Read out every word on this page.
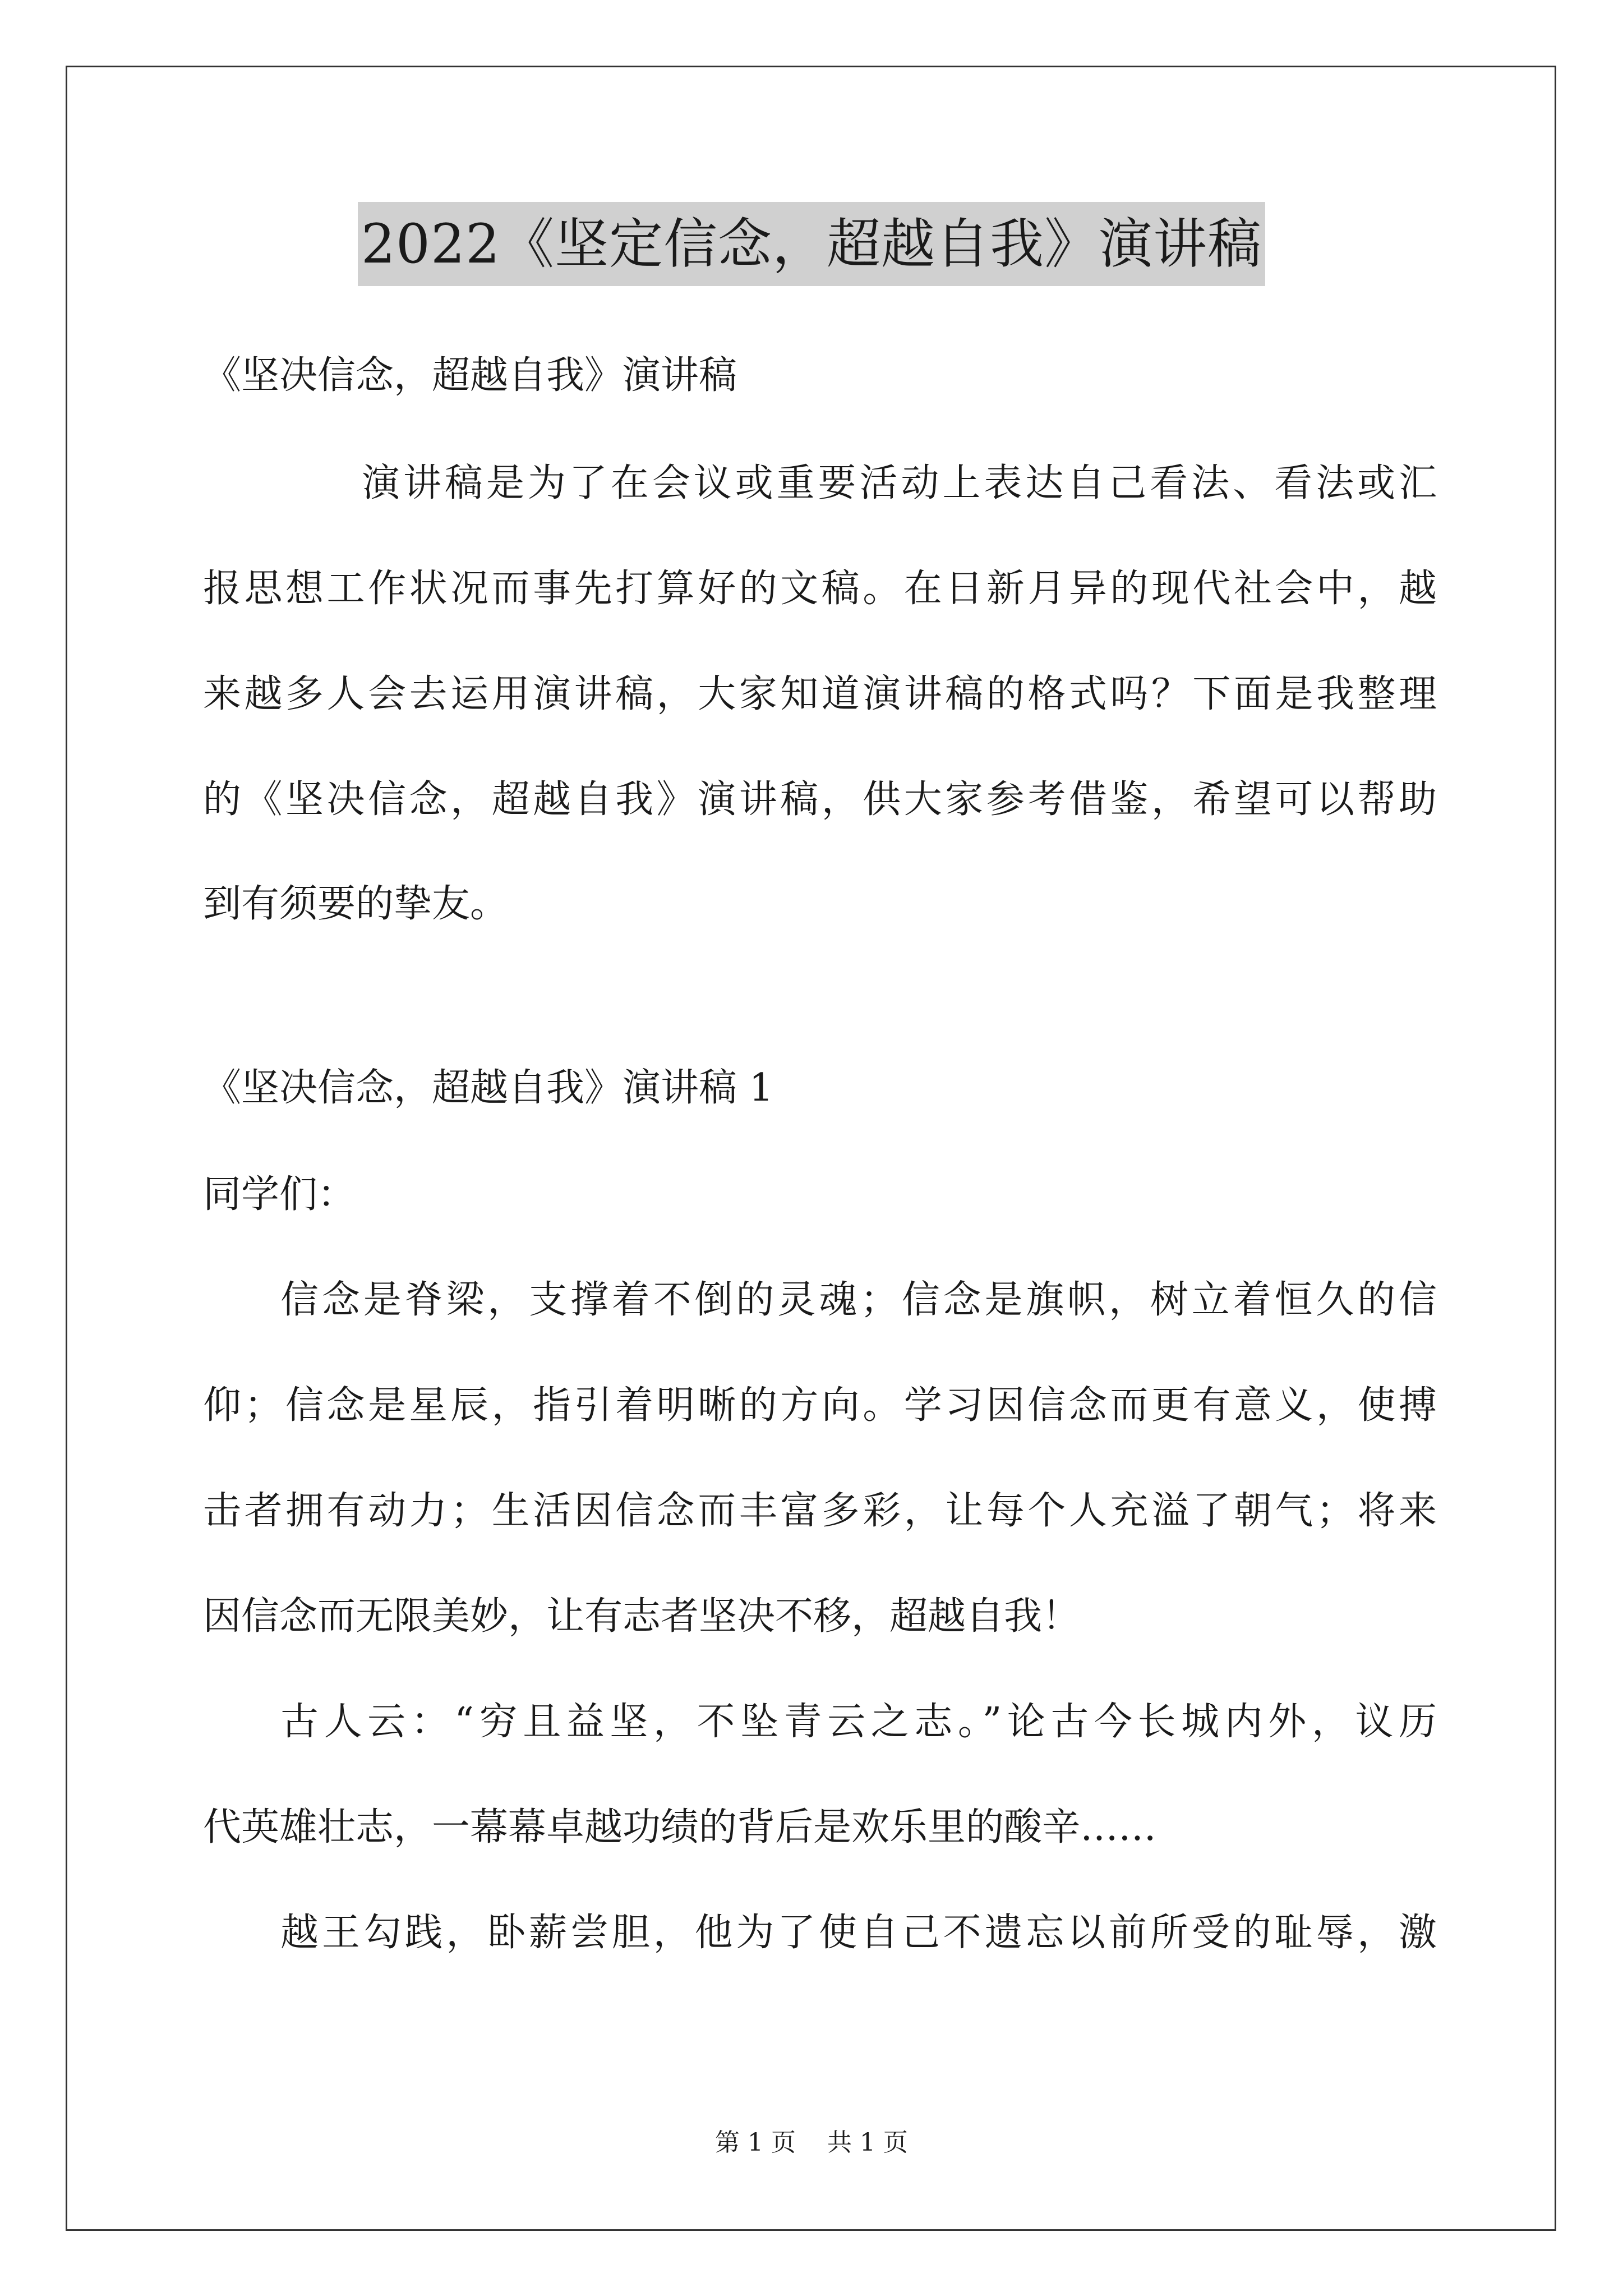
2022《坚定信念，超越自我》演讲稿
《坚决信念，超越自我》演讲稿
演讲稿是为了在会议或重要活动上表达自己看法、看法或汇
报思想工作状况而事先打算好的文稿。在日新月异的现代社会中，越
来越多人会去运用演讲稿，大家知道演讲稿的格式吗？下面是我整理
的《坚决信念，超越自我》演讲稿，供大家参考借鉴，希望可以帮助
到有须要的挚友。
《坚决信念，超越自我》演讲稿 1
同学们：
信念是脊梁，支撑着不倒的灵魂；信念是旗帜，树立着恒久的信
仰；信念是星辰，指引着明晰的方向。学习因信念而更有意义，使搏
击者拥有动力；生活因信念而丰富多彩，让每个人充溢了朝气；将来
因信念而无限美妙，让有志者坚决不移，超越自我！
古人云：“穷且益坚，不坠青云之志。”论古今长城内外，议历
代英雄壮志，一幕幕卓越功绩的背后是欢乐里的酸辛……
越王勾践，卧薪尝胆，他为了使自己不遗忘以前所受的耻辱，激
第 1 页    共 1 页
